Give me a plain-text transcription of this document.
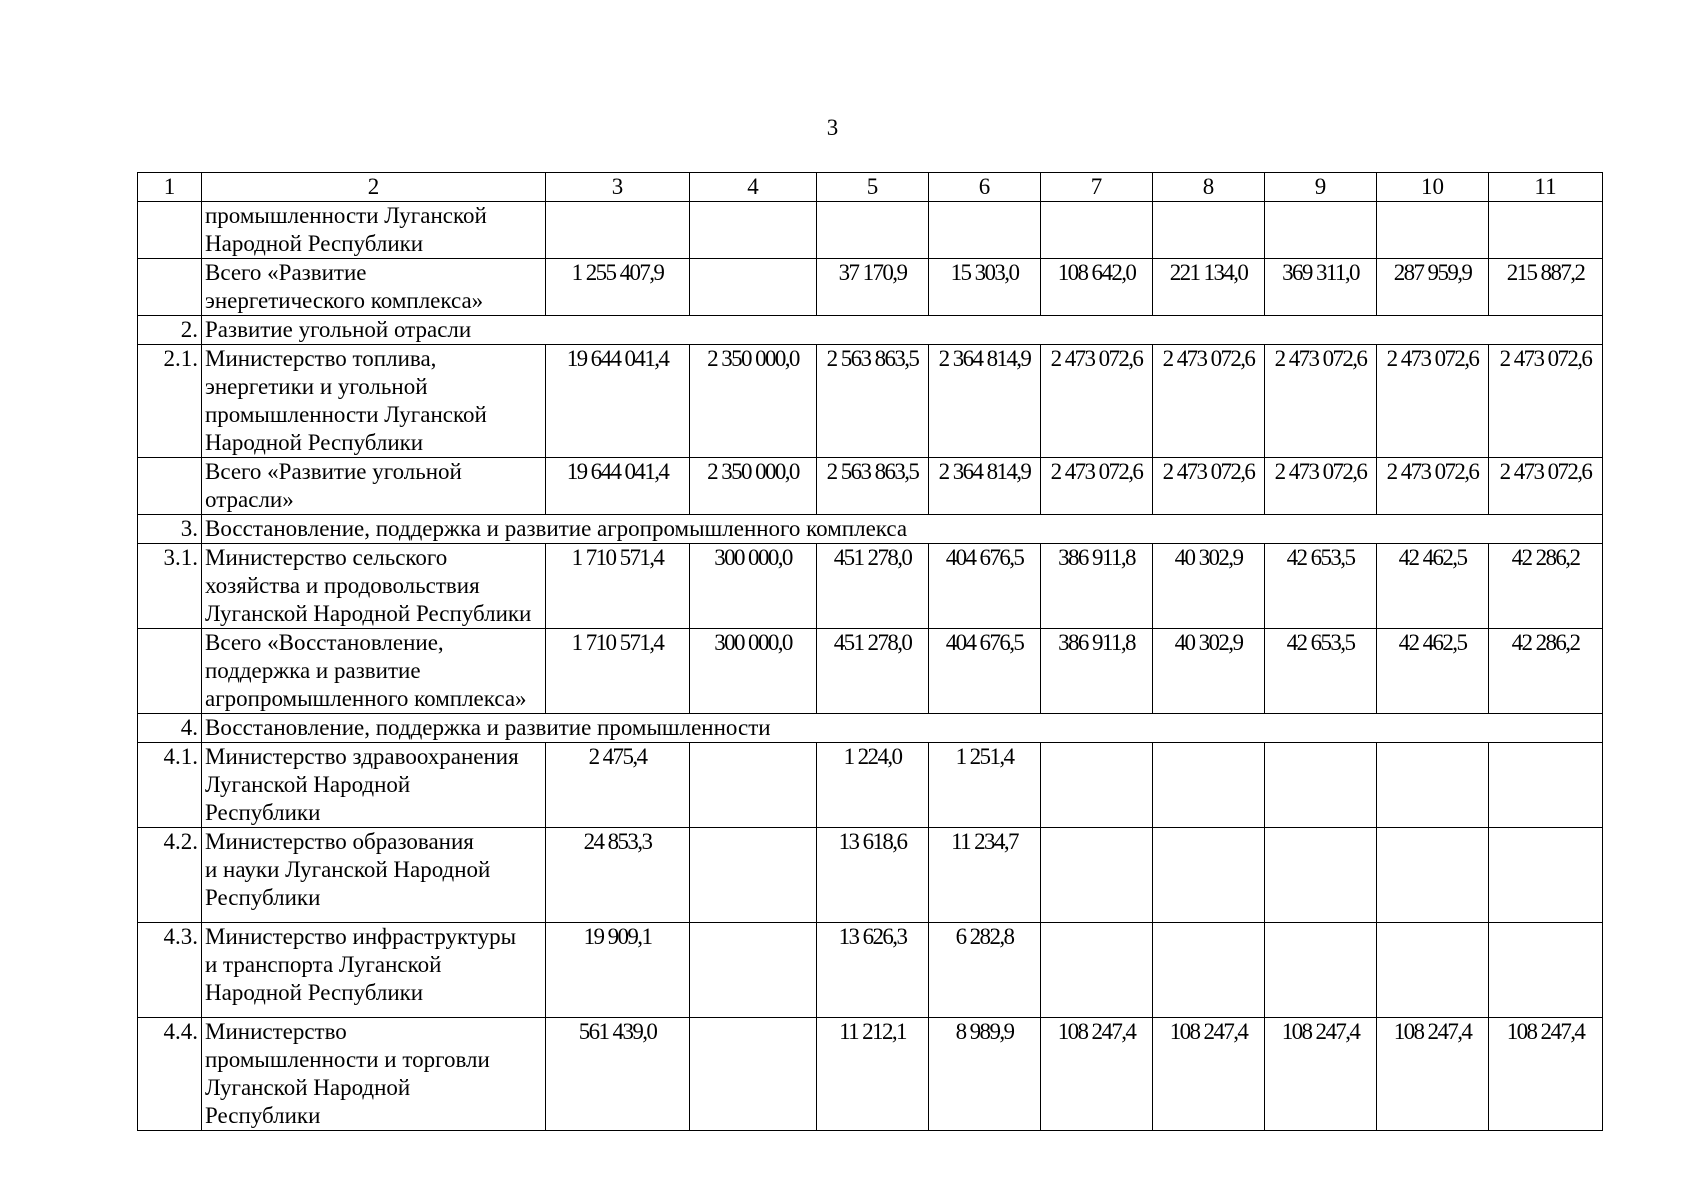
3
1	2	3	4	5	6	7	8	9	10	11

	промышленности Луганской
Народной Республики									

	Всего «Развитие
энергетического комплекса»	1 255 407,9		37 170,9	15 303,0	108 642,0	221 134,0	369 311,0	287 959,9	215 887,2
2.	Развитие угольной отрасли									
2.1.	Министерство топлива,
энергетики и угольной
промышленности Луганской
Народной Республики	19 644 041,4	2 350 000,0	2 563 863,5	2 364 814,9	2 473 072,6	2 473 072,6	2 473 072,6	2 473 072,6	2 473 072,6

	Всего «Развитие угольной
отрасли»	19 644 041,4	2 350 000,0	2 563 863,5	2 364 814,9	2 473 072,6	2 473 072,6	2 473 072,6	2 473 072,6	2 473 072,6
3.	Восстановление, поддержка и развитие агропромышленного комплекса									
3.1.	Министерство сельского
хозяйства и продовольствия
Луганской Народной Республики	1 710 571,4	300 000,0	451 278,0	404 676,5	386 911,8	40 302,9	42 653,5	42 462,5	42 286,2

	Всего «Восстановление,
поддержка и развитие
агропромышленного комплекса»	1 710 571,4	300 000,0	451 278,0	404 676,5	386 911,8	40 302,9	42 653,5	42 462,5	42 286,2
4.	Восстановление, поддержка и развитие промышленности									
4.1.	Министерство здравоохранения
Луганской Народной
Республики	2 475,4		1 224,0	1 251,4					
4.2.	Министерство образования
и науки Луганской Народной
Республики	24 853,3		13 618,6	11 234,7					
4.3.	Министерство инфраструктуры
и транспорта Луганской
Народной Республики	19 909,1		13 626,3	6 282,8					
4.4.	Министерство
промышленности и торговли
Луганской Народной
Республики	561 439,0		11 212,1	8 989,9	108 247,4	108 247,4	108 247,4	108 247,4	108 247,4
